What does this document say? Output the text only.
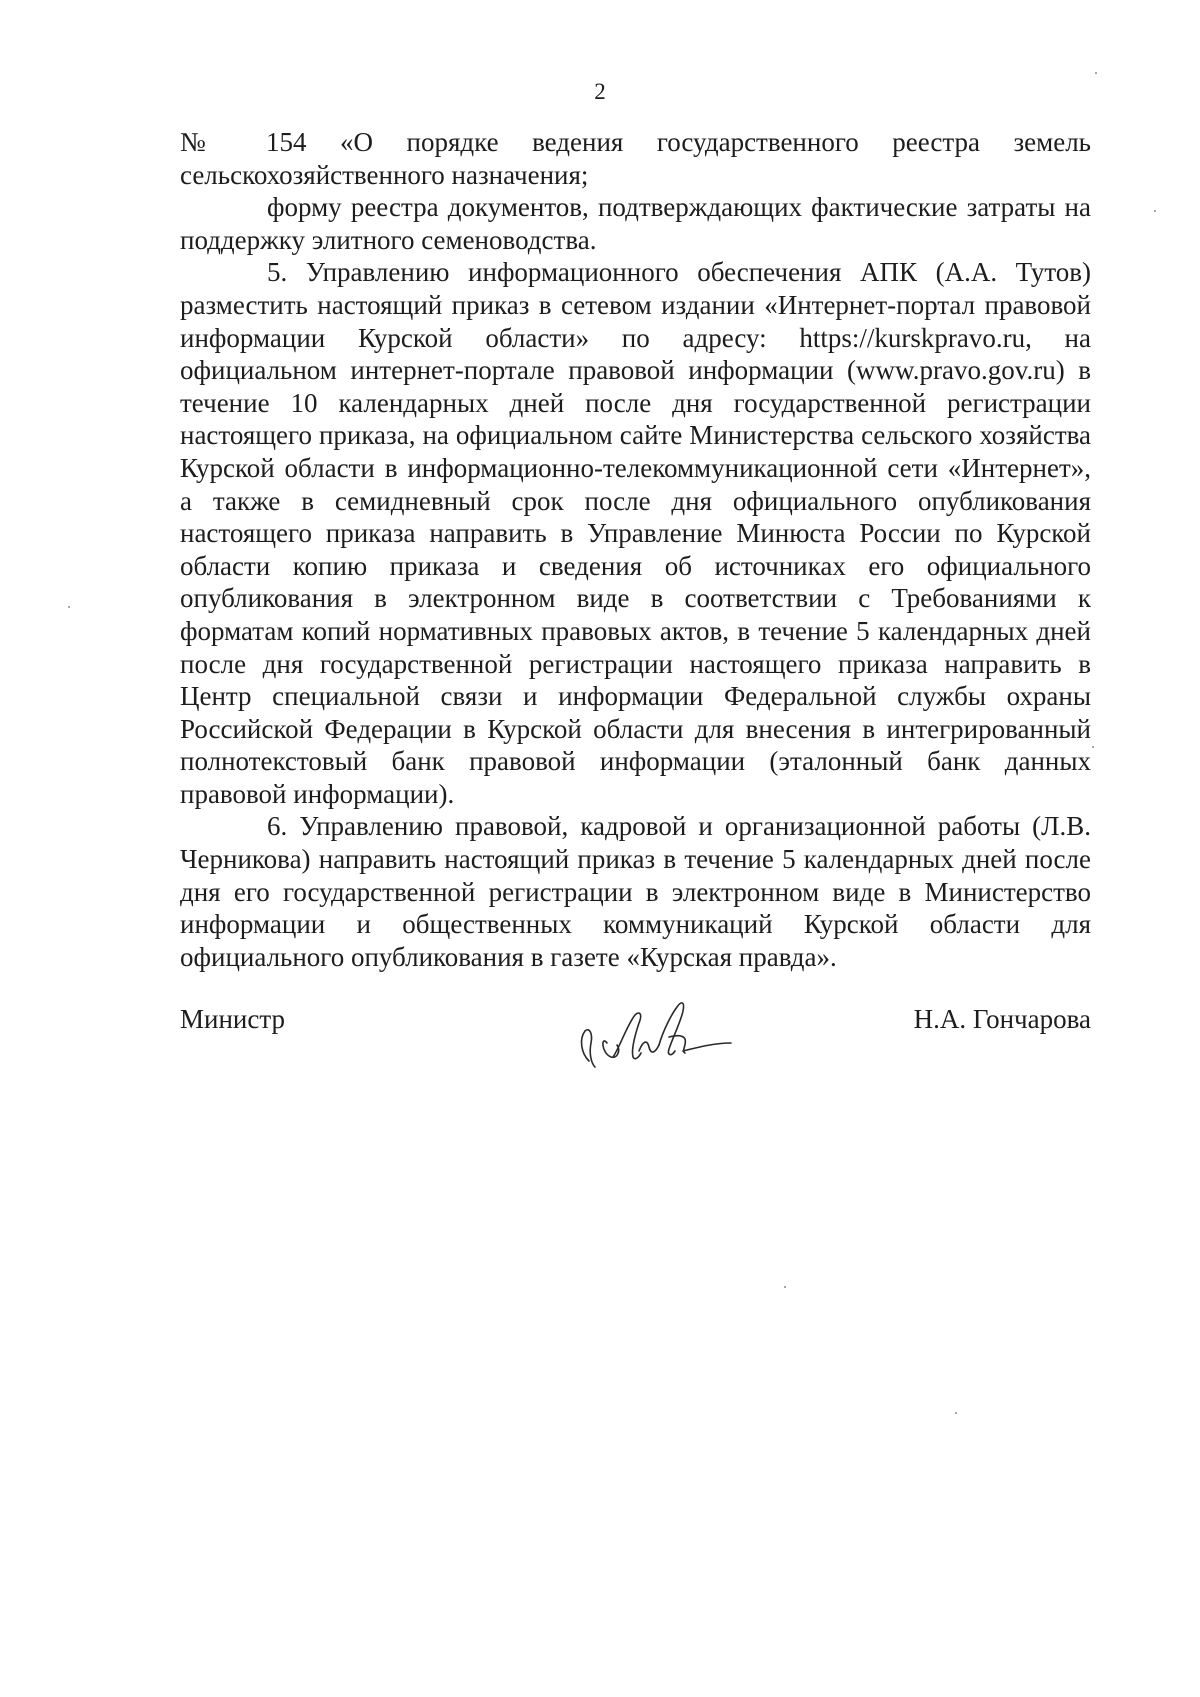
2

№ 154 «О порядке ведения государственного реестра земель сельскохозяйственного назначения;

форму реестра документов, подтверждающих фактические затраты на поддержку элитного семеноводства.

5. Управлению информационного обеспечения АПК (А.А. Тутов) разместить настоящий приказ в сетевом издании «Интернет-портал правовой информации Курской области» по адресу: https://kurskpravo.ru, на официальном интернет-портале правовой информации (www.pravo.gov.ru) в течение 10 календарных дней после дня государственной регистрации настоящего приказа, на официальном сайте Министерства сельского хозяйства Курской области в информационно-телекоммуникационной сети «Интернет», а также в семидневный срок после дня официального опубликования настоящего приказа направить в Управление Минюста России по Курской области копию приказа и сведения об источниках его официального опубликования в электронном виде в соответствии с Требованиями к форматам копий нормативных правовых актов, в течение 5 календарных дней после дня государственной регистрации настоящего приказа направить в Центр специальной связи и информации Федеральной службы охраны Российской Федерации в Курской области для внесения в интегрированный полнотекстовый банк правовой информации (эталонный банк данных правовой информации).

6. Управлению правовой, кадровой и организационной работы (Л.В. Черникова) направить настоящий приказ в течение 5 календарных дней после дня его государственной регистрации в электронном виде в Министерство информации и общественных коммуникаций Курской области для официального опубликования в газете «Курская правда».

Министр	Н.А. Гончарова
